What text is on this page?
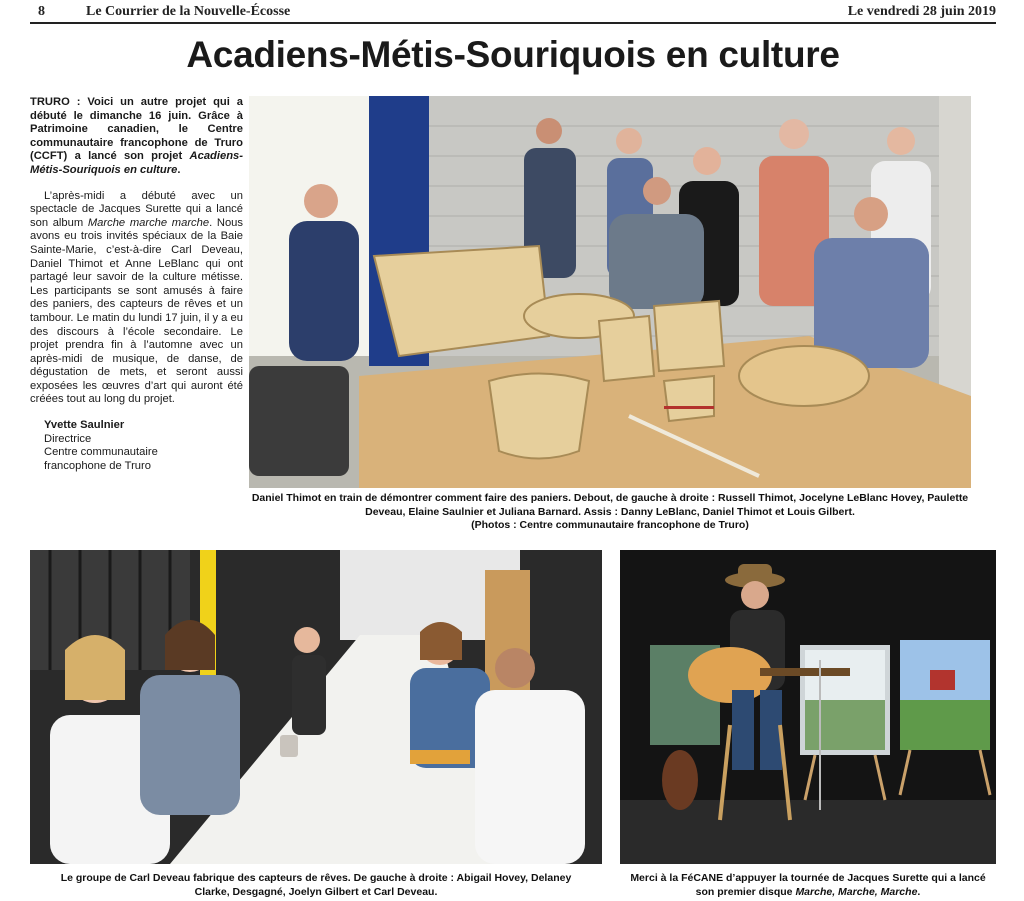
8	Le Courrier de la Nouvelle-Écosse	Le vendredi 28 juin 2019
Acadiens-Métis-Souriquois en culture

TRURO : Voici un autre projet qui a débuté le dimanche 16 juin. Grâce à Patrimoine canadien, le Centre communautaire francophone de Truro (CCFT) a lancé son projet Acadiens-Métis-Souriquois en culture.

L’après-midi a débuté avec un spectacle de Jacques Surette qui a lancé son album Marche marche marche. Nous avons eu trois invités spéciaux de la Baie Sainte-Marie, c’est-à-dire Carl Deveau, Daniel Thimot et Anne LeBlanc qui ont partagé leur savoir de la culture métisse. Les participants se sont amusés à faire des paniers, des capteurs de rêves et un tambour. Le matin du lundi 17 juin, il y a eu des discours à l’école secondaire. Le projet prendra fin à l’automne avec un après-midi de musique, de danse, de dégustation de mets, et seront aussi exposées les œuvres d’art qui auront été créées tout au long du projet.

Yvette Saulnier
Directrice
Centre communautaire
francophone de Truro
Daniel Thimot en train de démontrer comment faire des paniers. Debout, de gauche à droite : Russell Thimot, Jocelyne LeBlanc Hovey, Paulette Deveau, Elaine Saulnier et Juliana Barnard. Assis : Danny LeBlanc, Daniel Thimot et Louis Gilbert.
(Photos : Centre communautaire francophone de Truro)
Le groupe de Carl Deveau fabrique des capteurs de rêves. De gauche à droite : Abigail Hovey, Delaney Clarke, Desgagné, Joelyn Gilbert et Carl Deveau.
Merci à la FéCANE d’appuyer la tournée de Jacques Surette qui a lancé son premier disque Marche, Marche, Marche.
